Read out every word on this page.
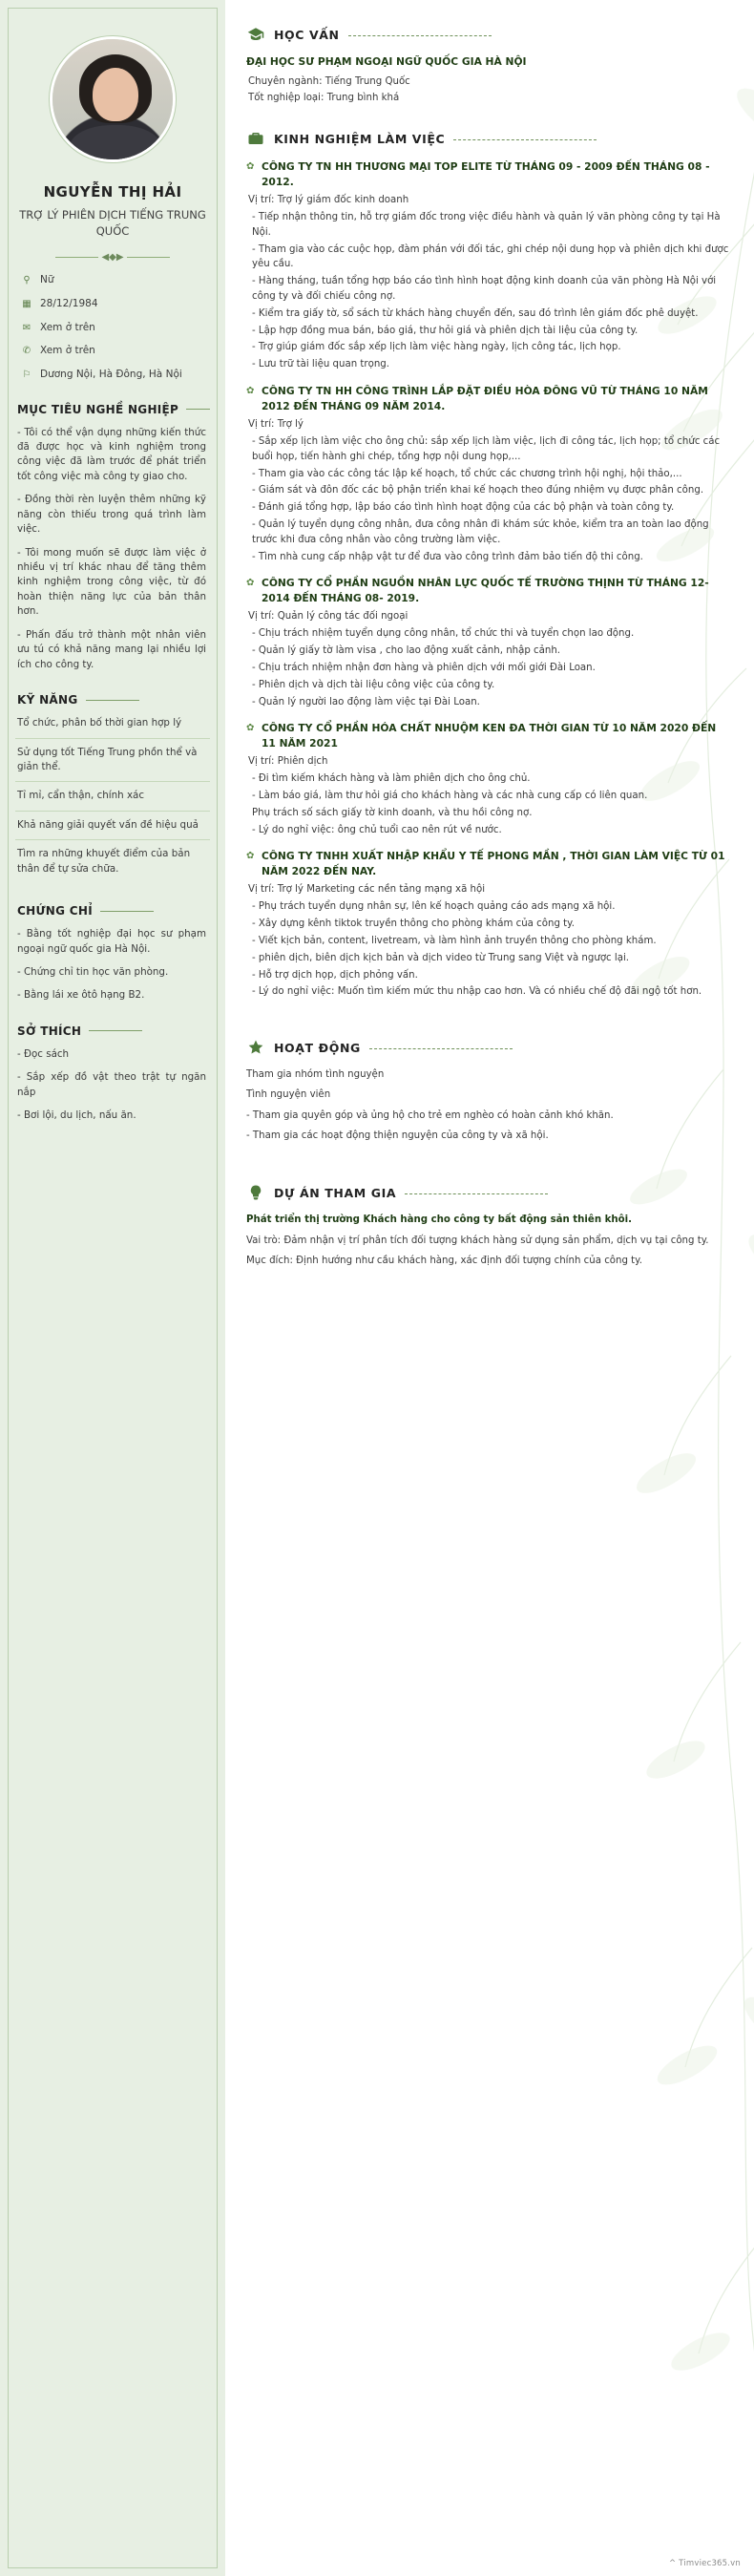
NGUYỄN THỊ HẢI
TRỢ LÝ PHIÊN DỊCH TIẾNG TRUNG QUỐC
◀◆▶
⚲ Nữ
▦ 28/12/1984
✉ Xem ở trên
✆ Xem ở trên
⚐ Dương Nội, Hà Đông, Hà Nội
MỤC TIÊU NGHỀ NGHIỆP
- Tôi có thể vận dụng những kiến thức đã được học và kinh nghiệm trong công việc đã làm trước để phát triển tốt công việc mà công ty giao cho.
- Đồng thời rèn luyện thêm những kỹ năng còn thiếu trong quá trình làm việc.
- Tôi mong muốn sẽ được làm việc ở nhiều vị trí khác nhau để tăng thêm kinh nghiệm trong công việc, từ đó hoàn thiện năng lực của bản thân hơn.
- Phấn đấu trở thành một nhân viên ưu tú có khả năng mang lại nhiều lợi ích cho công ty.
KỸ NĂNG
Tổ chức, phân bố thời gian hợp lý
Sử dụng tốt Tiếng Trung phồn thể và giản thể.
Tỉ mỉ, cẩn thận, chính xác
Khả năng giải quyết vấn đề hiệu quả
Tìm ra những khuyết điểm của bản thân để tự sửa chữa.
CHỨNG CHỈ
- Bằng tốt nghiệp đại học sư phạm ngoại ngữ quốc gia Hà Nội.
- Chứng chỉ tin học văn phòng.
- Bằng lái xe ôtô hạng B2.
SỞ THÍCH
- Đọc sách
- Sắp xếp đồ vật theo trật tự ngăn nắp
- Bơi lội, du lịch, nấu ăn.
HỌC VẤN
ĐẠI HỌC SƯ PHẠM NGOẠI NGỮ QUỐC GIA HÀ NỘI
Chuyên ngành: Tiếng Trung Quốc
Tốt nghiệp loại: Trung bình khá
KINH NGHIỆM LÀM VIỆC
✿ CÔNG TY TN HH THƯƠNG MẠI TOP ELITE TỪ THÁNG 09 - 2009 ĐẾN THÁNG 08 - 2012.
Vị trí: Trợ lý giám đốc kinh doanh
- Tiếp nhận thông tin, hỗ trợ giám đốc trong việc điều hành và quản lý văn phòng công ty tại Hà Nội.
- Tham gia vào các cuộc họp, đàm phán với đối tác, ghi chép nội dung họp và phiên dịch khi được yêu cầu.
- Hàng tháng, tuần tổng hợp báo cáo tình hình hoạt động kinh doanh của văn phòng Hà Nội với công ty và đối chiếu công nợ.
- Kiểm tra giấy tờ, sổ sách từ khách hàng chuyển đến, sau đó trình lên giám đốc phê duyệt.
- Lập hợp đồng mua bán, báo giá, thư hỏi giá và phiên dịch tài liệu của công ty.
- Trợ giúp giám đốc sắp xếp lịch làm việc hàng ngày, lịch công tác, lịch họp.
- Lưu trữ tài liệu quan trọng.
✿ CÔNG TY TN HH CÔNG TRÌNH LẮP ĐẶT ĐIỀU HÒA ĐÔNG VŨ TỪ THÁNG 10 NĂM 2012 ĐẾN THÁNG 09 NĂM 2014.
Vị trí: Trợ lý
- Sắp xếp lịch làm việc cho ông chủ: sắp xếp lịch làm việc, lịch đi công tác, lịch họp; tổ chức các buổi họp, tiến hành ghi chép, tổng hợp nội dung họp,...
- Tham gia vào các công tác lập kế hoạch, tổ chức các chương trình hội nghị, hội thảo,...
- Giám sát và đôn đốc các bộ phận triển khai kế hoạch theo đúng nhiệm vụ được phân công.
- Đánh giá tổng hợp, lập báo cáo tình hình hoạt động của các bộ phận và toàn công ty.
- Quản lý tuyển dụng công nhân, đưa công nhân đi khám sức khỏe, kiểm tra an toàn lao động trước khi đưa công nhân vào công trường làm việc.
- Tìm nhà cung cấp nhập vật tư để đưa vào công trình đảm bảo tiến độ thi công.
✿ CÔNG TY CỔ PHẦN NGUỒN NHÂN LỰC QUỐC TẾ TRƯỜNG THỊNH TỪ THÁNG 12-2014 ĐẾN THÁNG 08- 2019.
Vị trí: Quản lý công tác đối ngoại
- Chịu trách nhiệm tuyển dụng công nhân, tổ chức thi và tuyển chọn lao động.
- Quản lý giấy tờ làm visa , cho lao động xuất cảnh, nhập cảnh.
- Chịu trách nhiệm nhận đơn hàng và phiên dịch với mối giới Đài Loan.
- Phiên dịch và dịch tài liệu công việc của công ty.
- Quản lý người lao động làm việc tại Đài Loan.
✿ CÔNG TY CỔ PHẦN HÓA CHẤT NHUỘM KEN ĐA THỜI GIAN TỪ 10 NĂM 2020 ĐẾN 11 NĂM 2021
Vị trí: Phiên dịch
- Đi tìm kiếm khách hàng và làm phiên dịch cho ông chủ.
- Làm báo giá, làm thư hỏi giá cho khách hàng và các nhà cung cấp có liên quan.
Phụ trách số sách giấy tờ kinh doanh, và thu hồi công nợ.
- Lý do nghỉ việc: ông chủ tuổi cao nên rút về nước.
✿ CÔNG TY TNHH XUẤT NHẬP KHẨU Y TẾ PHONG MẦN , THỜI GIAN LÀM VIỆC TỪ 01 NĂM 2022 ĐẾN NAY.
Vị trí: Trợ lý Marketing các nền tảng mạng xã hội
- Phụ trách tuyển dụng nhân sự, lên kế hoạch quảng cáo ads mạng xã hội.
- Xây dựng kênh tiktok truyền thông cho phòng khám của công ty.
- Viết kịch bản, content, livetream, và làm hình ảnh truyền thông cho phòng khám.
- phiên dịch, biên dịch kịch bản và dịch video từ Trung sang Việt và ngược lại.
- Hỗ trợ dịch họp, dịch phỏng vấn.
- Lý do nghỉ việc: Muốn tìm kiếm mức thu nhập cao hơn. Và có nhiều chế độ đãi ngộ tốt hơn.
HOẠT ĐỘNG
Tham gia nhóm tình nguyện
Tình nguyện viên
- Tham gia quyên góp và ủng hộ cho trẻ em nghèo có hoàn cảnh khó khăn.
- Tham gia các hoạt động thiện nguyện của công ty và xã hội.
DỰ ÁN THAM GIA
Phát triển thị trường Khách hàng cho công ty bất động sản thiên khôi.
Vai trò: Đảm nhận vị trí phân tích đối tượng khách hàng sử dụng sản phẩm, dịch vụ tại công ty.
Mục đích: Định hướng như cầu khách hàng, xác định đối tượng chính của công ty.
^ Timviec365.vn
